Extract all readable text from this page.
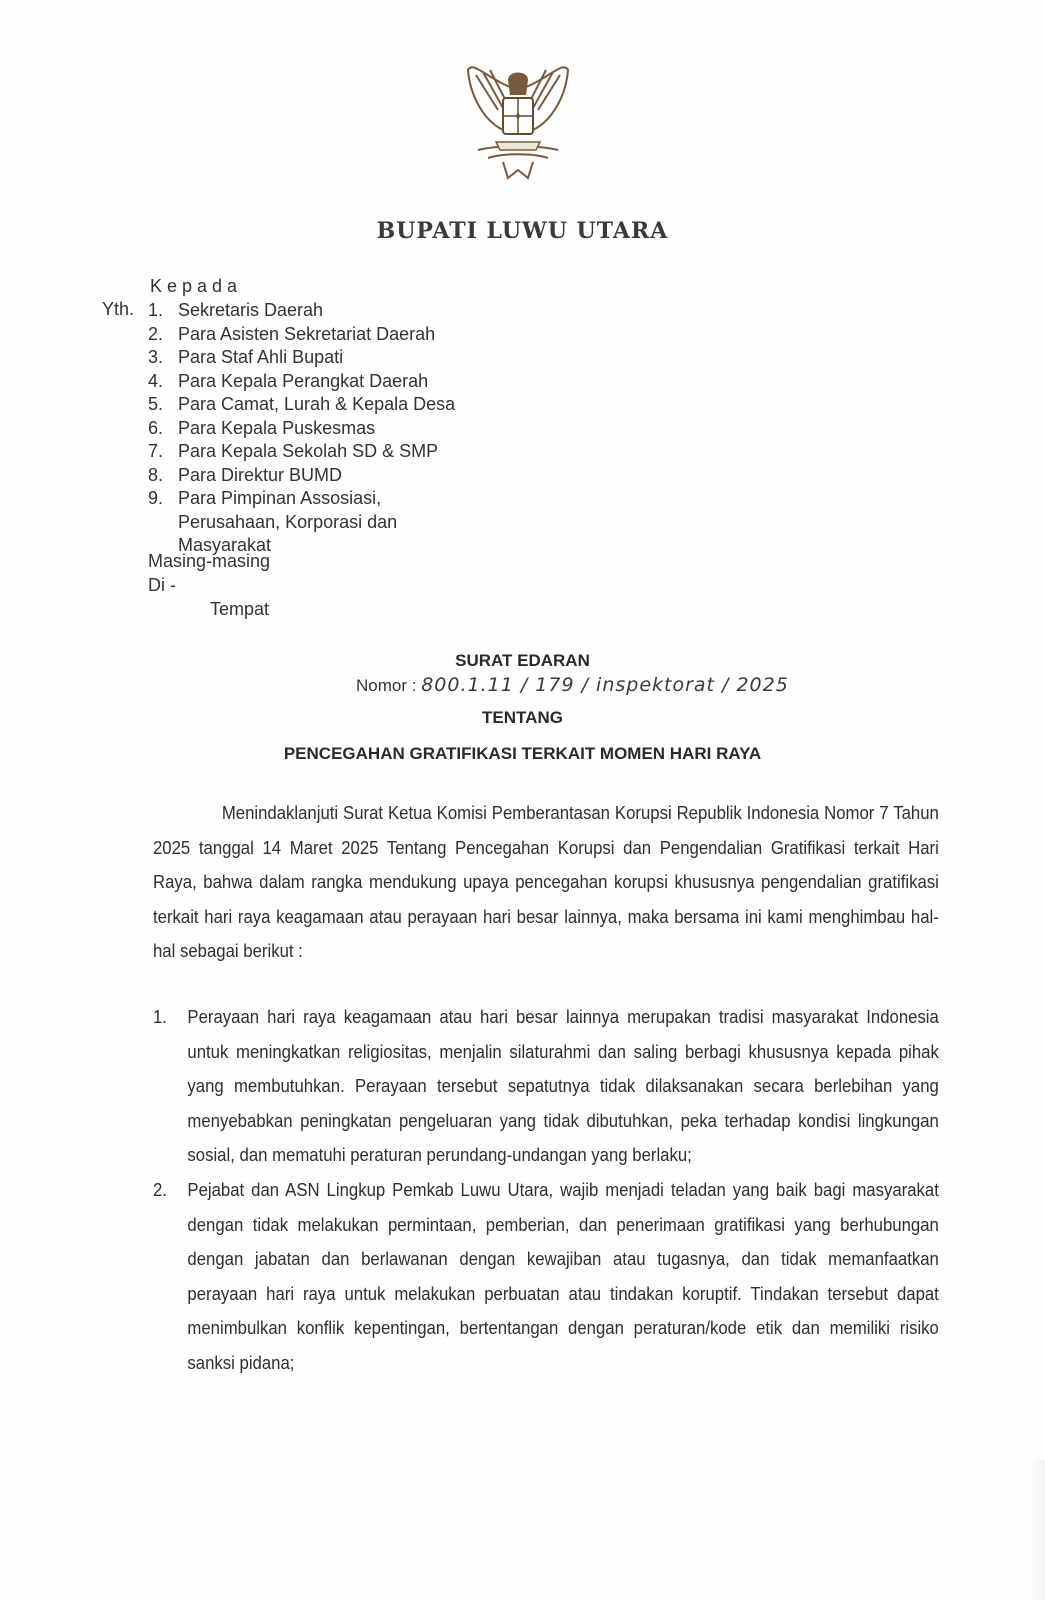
BUPATI LUWU UTARA
Kepada
Yth. 1. Sekretaris Daerah
2. Para Asisten Sekretariat Daerah
3. Para Staf Ahli Bupati
4. Para Kepala Perangkat Daerah
5. Para Camat, Lurah & Kepala Desa
6. Para Kepala Puskesmas
7. Para Kepala Sekolah SD & SMP
8. Para Direktur BUMD
9. Para Pimpinan Assosiasi, Perusahaan, Korporasi dan Masyarakat
Masing-masing
Di -
Tempat
SURAT EDARAN
Nomor : 800.1.11 / 179 / inspektorat / 2025
TENTANG
PENCEGAHAN GRATIFIKASI TERKAIT MOMEN HARI RAYA
Menindaklanjuti Surat Ketua Komisi Pemberantasan Korupsi Republik Indonesia Nomor 7 Tahun 2025 tanggal 14 Maret 2025 Tentang Pencegahan Korupsi dan Pengendalian Gratifikasi terkait Hari Raya, bahwa dalam rangka mendukung upaya pencegahan korupsi khususnya pengendalian gratifikasi terkait hari raya keagamaan atau perayaan hari besar lainnya, maka bersama ini kami menghimbau hal-hal sebagai berikut :
1.	Perayaan hari raya keagamaan atau hari besar lainnya merupakan tradisi masyarakat Indonesia untuk meningkatkan religiositas, menjalin silaturahmi dan saling berbagi khususnya kepada pihak yang membutuhkan. Perayaan tersebut sepatutnya tidak dilaksanakan secara berlebihan yang menyebabkan peningkatan pengeluaran yang tidak dibutuhkan, peka terhadap kondisi lingkungan sosial, dan mematuhi peraturan perundang-undangan yang berlaku;
2.	Pejabat dan ASN Lingkup Pemkab Luwu Utara, wajib menjadi teladan yang baik bagi masyarakat dengan tidak melakukan permintaan, pemberian, dan penerimaan gratifikasi yang berhubungan dengan jabatan dan berlawanan dengan kewajiban atau tugasnya, dan tidak memanfaatkan perayaan hari raya untuk melakukan perbuatan atau tindakan koruptif. Tindakan tersebut dapat menimbulkan konflik kepentingan, bertentangan dengan peraturan/kode etik dan memiliki risiko sanksi pidana;
